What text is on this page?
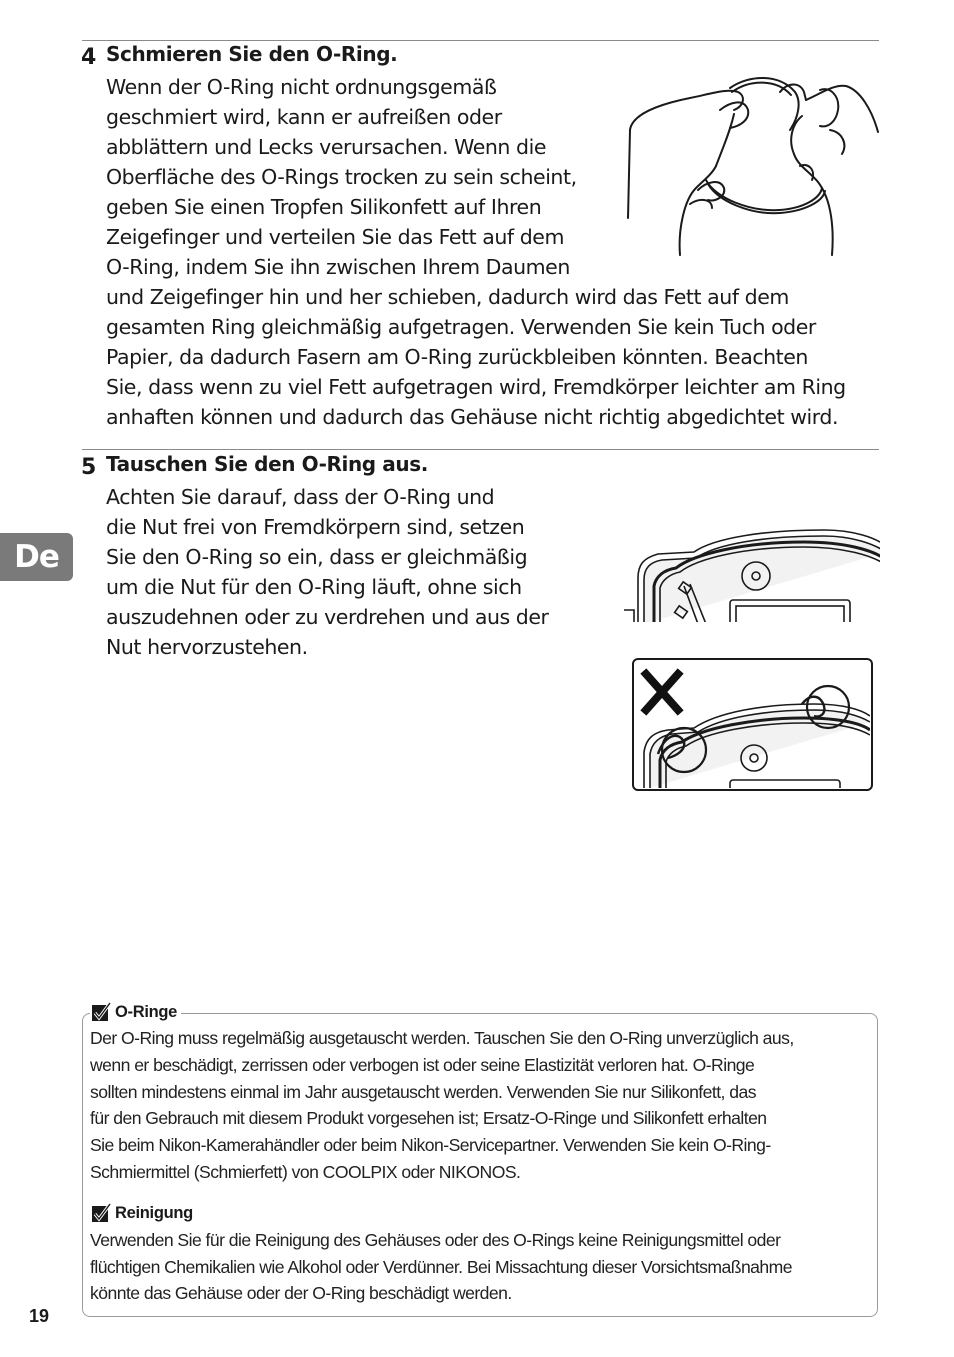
4 Schmieren Sie den O-Ring.
Wenn der O-Ring nicht ordnungsgemäß
geschmiert wird, kann er aufreißen oder
abblättern und Lecks verursachen. Wenn die
Oberfläche des O-Rings trocken zu sein scheint,
geben Sie einen Tropfen Silikonfett auf Ihren
Zeigefinger und verteilen Sie das Fett auf dem
O-Ring, indem Sie ihn zwischen Ihrem Daumen
und Zeigefinger hin und her schieben, dadurch wird das Fett auf dem
gesamten Ring gleichmäßig aufgetragen. Verwenden Sie kein Tuch oder
Papier, da dadurch Fasern am O-Ring zurückbleiben könnten. Beachten
Sie, dass wenn zu viel Fett aufgetragen wird, Fremdkörper leichter am Ring
anhaften können und dadurch das Gehäuse nicht richtig abgedichtet wird.
5 Tauschen Sie den O-Ring aus.
Achten Sie darauf, dass der O-Ring und
die Nut frei von Fremdkörpern sind, setzen
Sie den O-Ring so ein, dass er gleichmäßig
um die Nut für den O-Ring läuft, ohne sich
auszudehnen oder zu verdrehen und aus der
Nut hervorzustehen.
De
O-Ringe
Der O-Ring muss regelmäßig ausgetauscht werden. Tauschen Sie den O-Ring unverzüglich aus,
wenn er beschädigt, zerrissen oder verbogen ist oder seine Elastizität verloren hat. O-Ringe
sollten mindestens einmal im Jahr ausgetauscht werden. Verwenden Sie nur Silikonfett, das
für den Gebrauch mit diesem Produkt vorgesehen ist; Ersatz-O-Ringe und Silikonfett erhalten
Sie beim Nikon-Kamerahändler oder beim Nikon-Servicepartner. Verwenden Sie kein O-Ring-
Schmiermittel (Schmierfett) von COOLPIX oder NIKONOS.
Reinigung
Verwenden Sie für die Reinigung des Gehäuses oder des O-Rings keine Reinigungsmittel oder
flüchtigen Chemikalien wie Alkohol oder Verdünner. Bei Missachtung dieser Vorsichtsmaßnahme
könnte das Gehäuse oder der O-Ring beschädigt werden.
19
